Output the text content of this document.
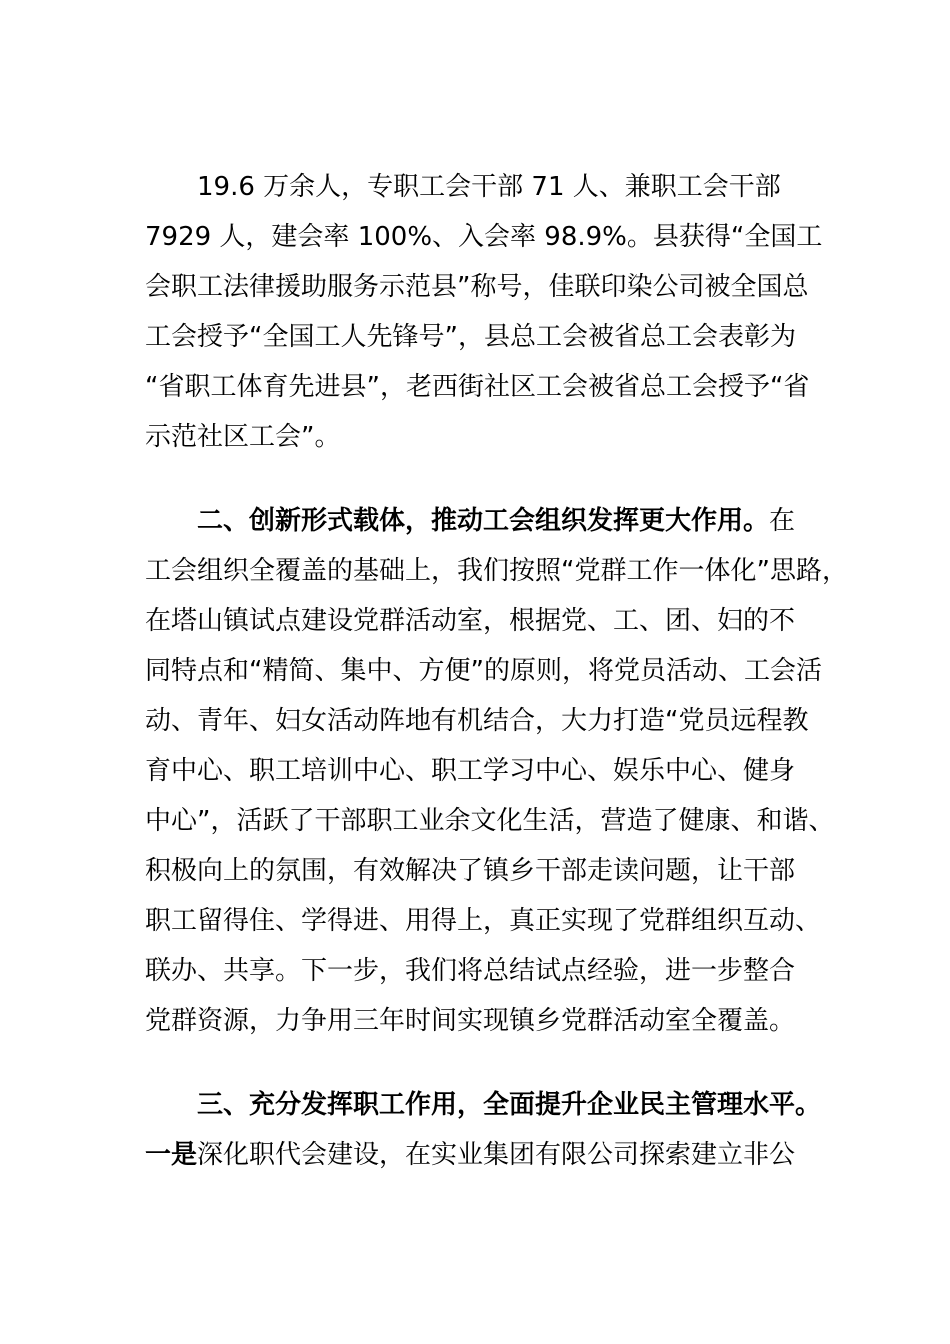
19.6 万余人，专职工会干部 71 人、兼职工会干部
7929 人，建会率 100%、入会率 98.9%。县获得“全国工
会职工法律援助服务示范县”称号，佳联印染公司被全国总
工会授予“全国工人先锋号”，县总工会被省总工会表彰为
“省职工体育先进县”，老西街社区工会被省总工会授予“省
示范社区工会”。
二、创新形式载体，推动工会组织发挥更大作用。在
工会组织全覆盖的基础上，我们按照“党群工作一体化”思路，
在塔山镇试点建设党群活动室，根据党、工、团、妇的不
同特点和“精简、集中、方便”的原则，将党员活动、工会活
动、青年、妇女活动阵地有机结合，大力打造“党员远程教
育中心、职工培训中心、职工学习中心、娱乐中心、健身
中心”，活跃了干部职工业余文化生活，营造了健康、和谐、
积极向上的氛围，有效解决了镇乡干部走读问题，让干部
职工留得住、学得进、用得上，真正实现了党群组织互动、
联办、共享。下一步，我们将总结试点经验，进一步整合
党群资源，力争用三年时间实现镇乡党群活动室全覆盖。
三、充分发挥职工作用，全面提升企业民主管理水平。
一是深化职代会建设，在实业集团有限公司探索建立非公
